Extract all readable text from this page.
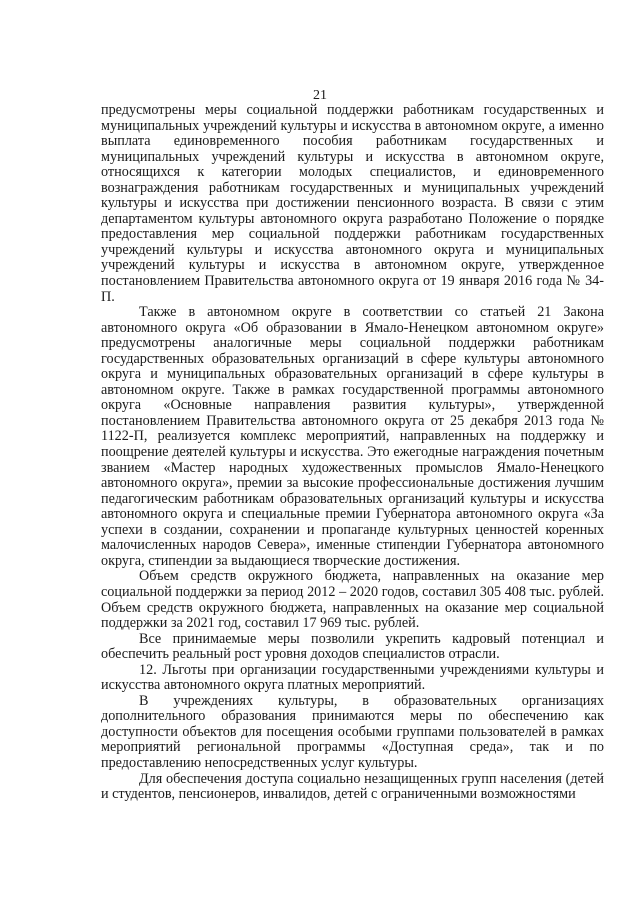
21

предусмотрены меры социальной поддержки работникам государственных и муниципальных учреждений культуры и искусства в автономном округе, а именно выплата единовременного пособия работникам государственных и муниципальных учреждений культуры и искусства в автономном округе, относящихся к категории молодых специалистов, и единовременного вознаграждения работникам государственных и муниципальных учреждений культуры и искусства при достижении пенсионного возраста. В связи с этим департаментом культуры автономного округа разработано Положение о порядке предоставления мер социальной поддержки работникам государственных учреждений культуры и искусства автономного округа и муниципальных учреждений культуры и искусства в автономном округе, утвержденное постановлением Правительства автономного округа от 19 января 2016 года № 34-П.

Также в автономном округе в соответствии со статьей 21 Закона автономного округа «Об образовании в Ямало-Ненецком автономном округе» предусмотрены аналогичные меры социальной поддержки работникам государственных образовательных организаций в сфере культуры автономного округа и муниципальных образовательных организаций в сфере культуры в автономном округе. Также в рамках государственной программы автономного округа «Основные направления развития культуры», утвержденной постановлением Правительства автономного округа от 25 декабря 2013 года № 1122-П, реализуется комплекс мероприятий, направленных на поддержку и поощрение деятелей культуры и искусства. Это ежегодные награждения почетным званием «Мастер народных художественных промыслов Ямало-Ненецкого автономного округа», премии за высокие профессиональные достижения лучшим педагогическим работникам образовательных организаций культуры и искусства автономного округа и специальные премии Губернатора автономного округа «За успехи в создании, сохранении и пропаганде культурных ценностей коренных малочисленных народов Севера», именные стипендии Губернатора автономного округа, стипендии за выдающиеся творческие достижения.

Объем средств окружного бюджета, направленных на оказание мер социальной поддержки за период 2012 – 2020 годов, составил 305 408 тыс. рублей. Объем средств окружного бюджета, направленных на оказание мер социальной поддержки за 2021 год, составил 17 969 тыс. рублей.

Все принимаемые меры позволили укрепить кадровый потенциал и обеспечить реальный рост уровня доходов специалистов отрасли.

12. Льготы при организации государственными учреждениями культуры и искусства автономного округа платных мероприятий.

В учреждениях культуры, в образовательных организациях дополнительного образования принимаются меры по обеспечению как доступности объектов для посещения особыми группами пользователей в рамках мероприятий региональной программы «Доступная среда», так и по предоставлению непосредственных услуг культуры.

Для обеспечения доступа социально незащищенных групп населения (детей и студентов, пенсионеров, инвалидов, детей с ограниченными возможностями
